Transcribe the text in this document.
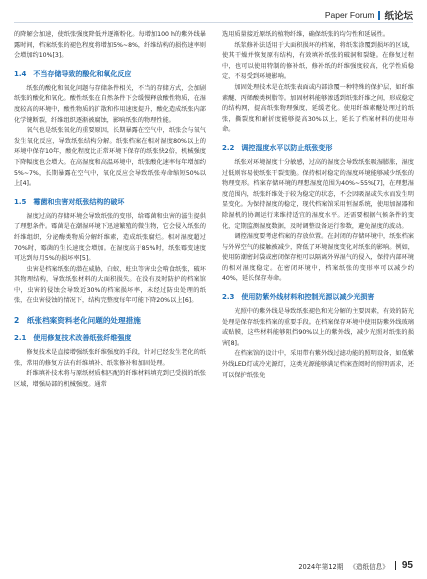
Paper Forum 纸论坛

的降解会加速，使纸张强度降低并逐渐粉化。每增加100 h的紫外线暴露时间，档案纸张的褪色程度将增加5%~8%，纤维结构的损伤速率则会增加约10%[3]。

1.4　不当存储导致的酸化和氧化反应

纸张的酸化和氧化问题与存储条件相关，不当的存储方式，会加剧纸张的酸化和氧化。酸性纸张在自然条件下会缓慢释放酸性物质，在湿度较高的环境中，酸性物质的扩散和作用速度提升，酸化造成纸张内部化学键断裂，纤维组织逐渐被腐蚀，影响纸张的物理性能。

氧气也是纸张氧化的重要原因，长期暴露在空气中，纸张会与氧气发生氧化反应，导致纸张结构分解。纸张档案在相对湿度80%以上的环境中保存10年，酸化程度比正常环境下保存的纸张快2倍，机械强度下降幅度也会增大。在高湿度和高温环境中，纸张酸化速率每年增加约5%~7%，长期暴露在空气中，氧化反应会导致纸张寿命缩短50%以上[4]。

1.5　霉菌和虫害对纸张结构的破坏

湿度过高的存储环境会导致纸张的变形，给霉菌和虫害的滋生提供了理想条件。霉菌是在潮湿环境下迅速繁殖的微生物，它会侵入纸张的纤维组织，分泌酶类物质分解纤维素，造成纸张腐烂。相对湿度超过70%时，霉菌的生长速度会增加。在湿度高于85%时，纸张霉变速度可达到每月5%的损坏率[5]。

虫害是档案纸张的潜在威胁，白蚁、蛀虫等害虫会啃食纸张，破坏其物理结构，导致纸张材料的大面积损失。在没有及时防护的档案馆中，虫害的侵蚀会导致近30%的档案损坏率，未经过防虫处理的纸张，在虫害侵蚀的情况下，结构完整度每年可能下降20%以上[6]。

2　纸张档案资料老化问题的处理措施
2.1　使用修复技术改善纸张纤维强度

修复技术是直接增强纸张纤维强度的手段，针对已经发生老化的纸张，常用的修复方法有纤维填补、纸浆修补和加固处理。

纤维填补技术将与原纸材质相匹配的纤维材料填充到已受损的纸张区域，增强局部的机械强度。通常

选用质量接近原纸的植物纤维，确保纸张的均匀性和延展性。

纸浆修补法适用于大面积损坏的档案，将纸浆涂覆到损坏的区域，使其干燥并恢复原有结构，有效填补纸张的破洞和裂缝。在修复过程中，也可以使用特制的修补纸，修补纸的纤维强度较高，化学性质稳定，不易受到环境影响。

加固处理技术是在纸张表面或内部涂覆一种特殊的保护层，如纤维素醚、丙烯酸类树脂等。加固材料能够渗透到纸张纤维之间，形成稳定的结构网，提高纸张物理强度，延缓老化。使用纤维素醚处理过的纸张，撕裂度和耐折度能够提高30%以上，延长了档案材料的使用寿命。

2.2　调控湿度水平以防止纸张变形

纸张对环境湿度十分敏感，过高的湿度会导致纸张吸湿膨胀，湿度过低则容易使纸张干裂变脆。保持相对稳定的湿度环境能够减少纸张的物理变形。档案存储环境的理想湿度范围为40%~55%[7]，在理想湿度范围内，纸张纤维处于较为稳定的状态，不会因吸湿或失水而发生明显变化。为保持湿度的稳定，现代档案馆采用恒湿系统，使用加湿器和除湿机的协调运行来维持适宜的湿度水平。还需要根据气候条件的变化，定期监测湿度数据，及时调整设备运行参数，避免湿度的波动。

调控湿度要考虑档案的存放位置。在封闭的存储环境中，纸张档案与外界空气的接触被减少，降低了环境湿度变化对纸张的影响。例如，使用防潮密封袋或密闭保存柜可以隔离外界湿气的侵入，保持内部环境的相对湿度稳定。在密闭环境中，档案纸张的变形率可以减少约40%，延长保存寿命。

2.3　使用防紫外线材料和控制光源以减少光损害

光照中的紫外线是导致纸张褪色和光分解的主要因素，有效的防光处理是保存纸张档案的重要手段。在档案保存环境中使用防紫外线玻璃或贴膜，这些材料能够阻挡90%以上的紫外线，减少光照对纸张的损害[8]。

在档案馆的设计中，采用带有紫外线过滤功能的照明设备，如低紫外线LED灯或冷光源灯，这类光源能够满足档案查阅时的照明需求，还可以保护纸张免

2024年第12期 《造纸信息》 95
